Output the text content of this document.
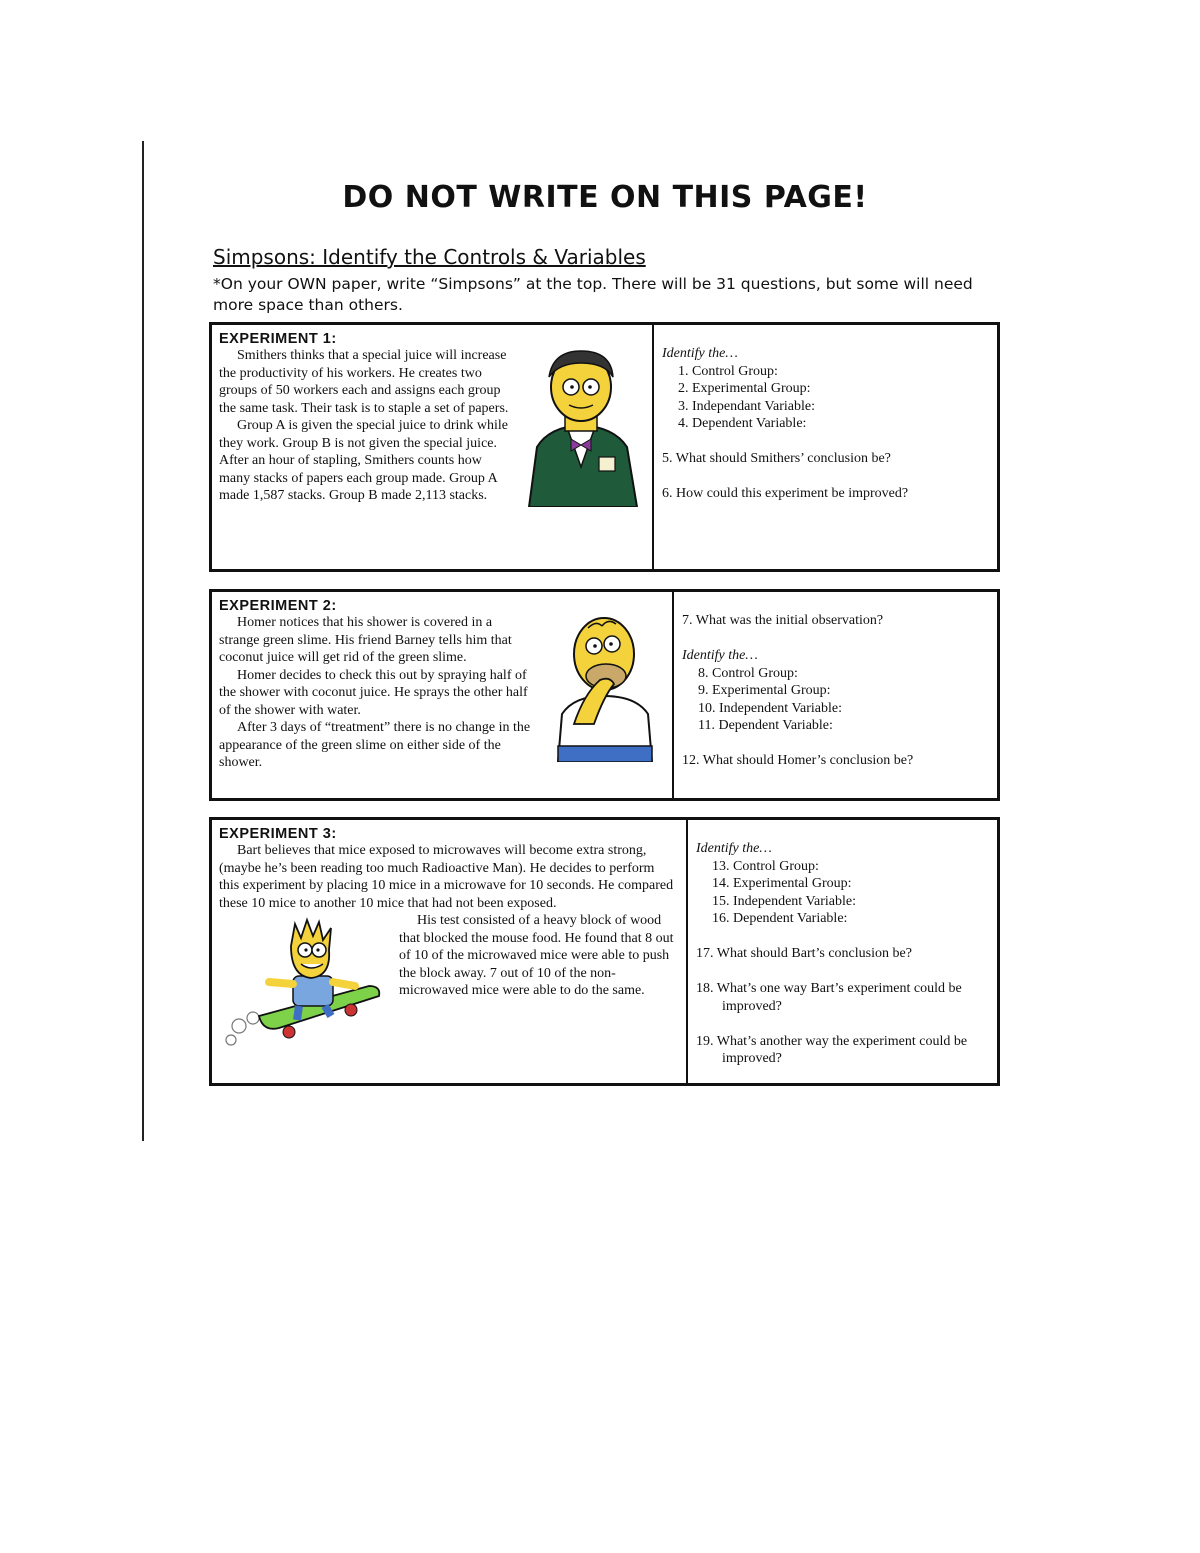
DO NOT WRITE ON THIS PAGE!
Simpsons: Identify the Controls & Variables
*On your OWN paper, write “Simpsons” at the top. There will be 31 questions, but some will need more space than others.
EXPERIMENT 1:

Smithers thinks that a special juice will increase the productivity of his workers. He creates two groups of 50 workers each and assigns each group the same task. Their task is to staple a set of papers.

Group A is given the special juice to drink while they work. Group B is not given the special juice. After an hour of stapling, Smithers counts how many stacks of papers each group made. Group A made 1,587 stacks. Group B made 2,113 stacks.

Identify the…
1. Control Group:
2. Experimental Group:
3. Independant Variable:
4. Dependent Variable:
5. What should Smithers’ conclusion be?
6. How could this experiment be improved?
EXPERIMENT 2:

Homer notices that his shower is covered in a strange green slime. His friend Barney tells him that coconut juice will get rid of the green slime.

Homer decides to check this out by spraying half of the shower with coconut juice. He sprays the other half of the shower with water.

After 3 days of “treatment” there is no change in the appearance of the green slime on either side of the shower.

7. What was the initial observation?
Identify the…
8. Control Group:
9. Experimental Group:
10. Independent Variable:
11. Dependent Variable:
12. What should Homer’s conclusion be?
EXPERIMENT 3:

Bart believes that mice exposed to microwaves will become extra strong, (maybe he’s been reading too much Radioactive Man). He decides to perform this experiment by placing 10 mice in a microwave for 10 seconds. He compared these 10 mice to another 10 mice that had not been exposed.

His test consisted of a heavy block of wood that blocked the mouse food. He found that 8 out of 10 of the microwaved mice were able to push the block away. 7 out of 10 of the non-microwaved mice were able to do the same.

Identify the…
13. Control Group:
14. Experimental Group:
15. Independent Variable:
16. Dependent Variable:
17. What should Bart’s conclusion be?
18. What’s one way Bart’s experiment could be improved?
19. What’s another way the experiment could be improved?
